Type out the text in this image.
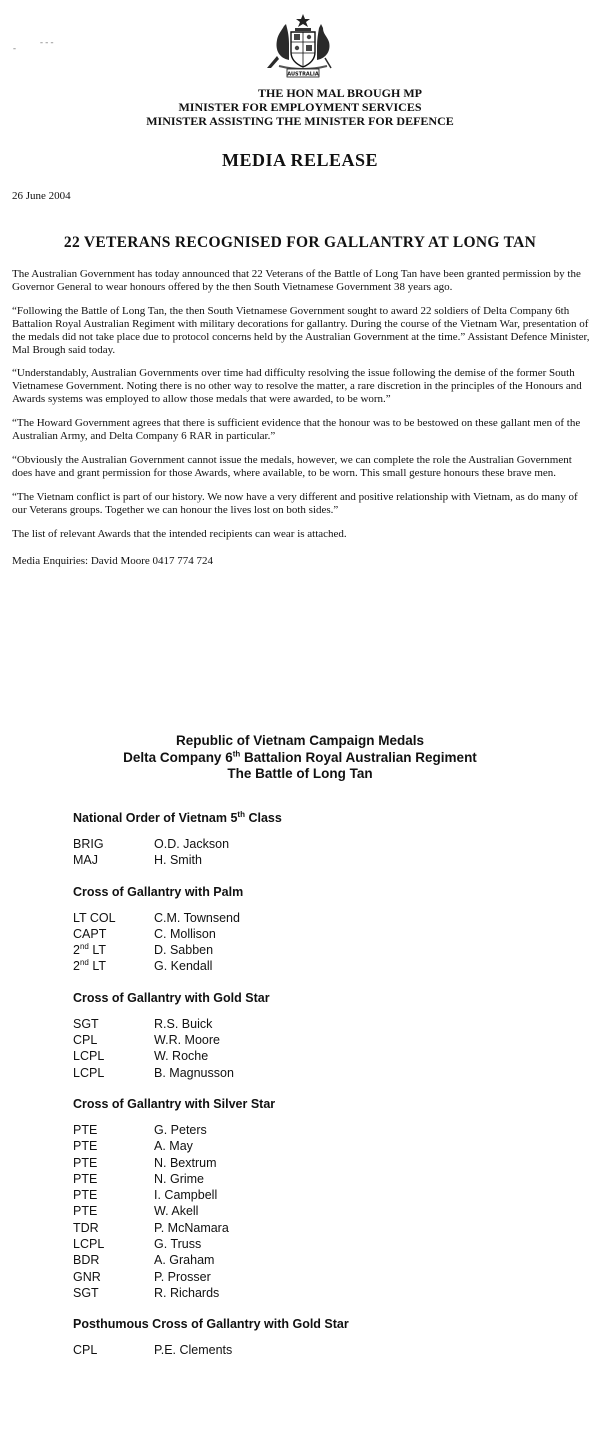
-
- - -
AUSTRALIA
THE HON MAL BROUGH MP
MINISTER FOR EMPLOYMENT SERVICES
MINISTER ASSISTING THE MINISTER FOR DEFENCE
MEDIA RELEASE
26 June 2004
22 VETERANS RECOGNISED FOR GALLANTRY AT LONG TAN

The Australian Government has today announced that 22 Veterans of the Battle of Long Tan have been granted permission by the Governor General to wear honours offered by the then South Vietnamese Government 38 years ago.

“Following the Battle of Long Tan, the then South Vietnamese Government sought to award 22 soldiers of Delta Company 6th Battalion Royal Australian Regiment with military decorations for gallantry. During the course of the Vietnam War, presentation of the medals did not take place due to protocol concerns held by the Australian Government at the time.” Assistant Defence Minister, Mal Brough said today.

“Understandably, Australian Governments over time had difficulty resolving the issue following the demise of the former South Vietnamese Government. Noting there is no other way to resolve the matter, a rare discretion in the principles of the Honours and Awards systems was employed to allow those medals that were awarded, to be worn.”

“The Howard Government agrees that there is sufficient evidence that the honour was to be bestowed on these gallant men of the Australian Army, and Delta Company 6 RAR in particular.”

“Obviously the Australian Government cannot issue the medals, however, we can complete the role the Australian Government does have and grant permission for those Awards, where available, to be worn. This small gesture honours these brave men.

“The Vietnam conflict is part of our history. We now have a very different and positive relationship with Vietnam, as do many of our Veterans groups. Together we can honour the lives lost on both sides.”

The list of relevant Awards that the intended recipients can wear is attached.

Media Enquiries: David Moore 0417 774 724

Republic of Vietnam Campaign Medals
Delta Company 6th Battalion Royal Australian Regiment
The Battle of Long Tan
National Order of Vietnam 5th Class
BRIG	O.D. Jackson
MAJ	H. Smith
Cross of Gallantry with Palm
LT COL	C.M. Townsend
CAPT	C. Mollison
2nd LT	D. Sabben
2nd LT	G. Kendall
Cross of Gallantry with Gold Star
SGT	R.S. Buick
CPL	W.R. Moore
LCPL	W. Roche
LCPL	B. Magnusson
Cross of Gallantry with Silver Star
PTE	G. Peters
PTE	A. May
PTE	N. Bextrum
PTE	N. Grime
PTE	I. Campbell
PTE	W. Akell
TDR	P. McNamara
LCPL	G. Truss
BDR	A. Graham
GNR	P. Prosser
SGT	R. Richards
Posthumous Cross of Gallantry with Gold Star
CPL	P.E. Clements
